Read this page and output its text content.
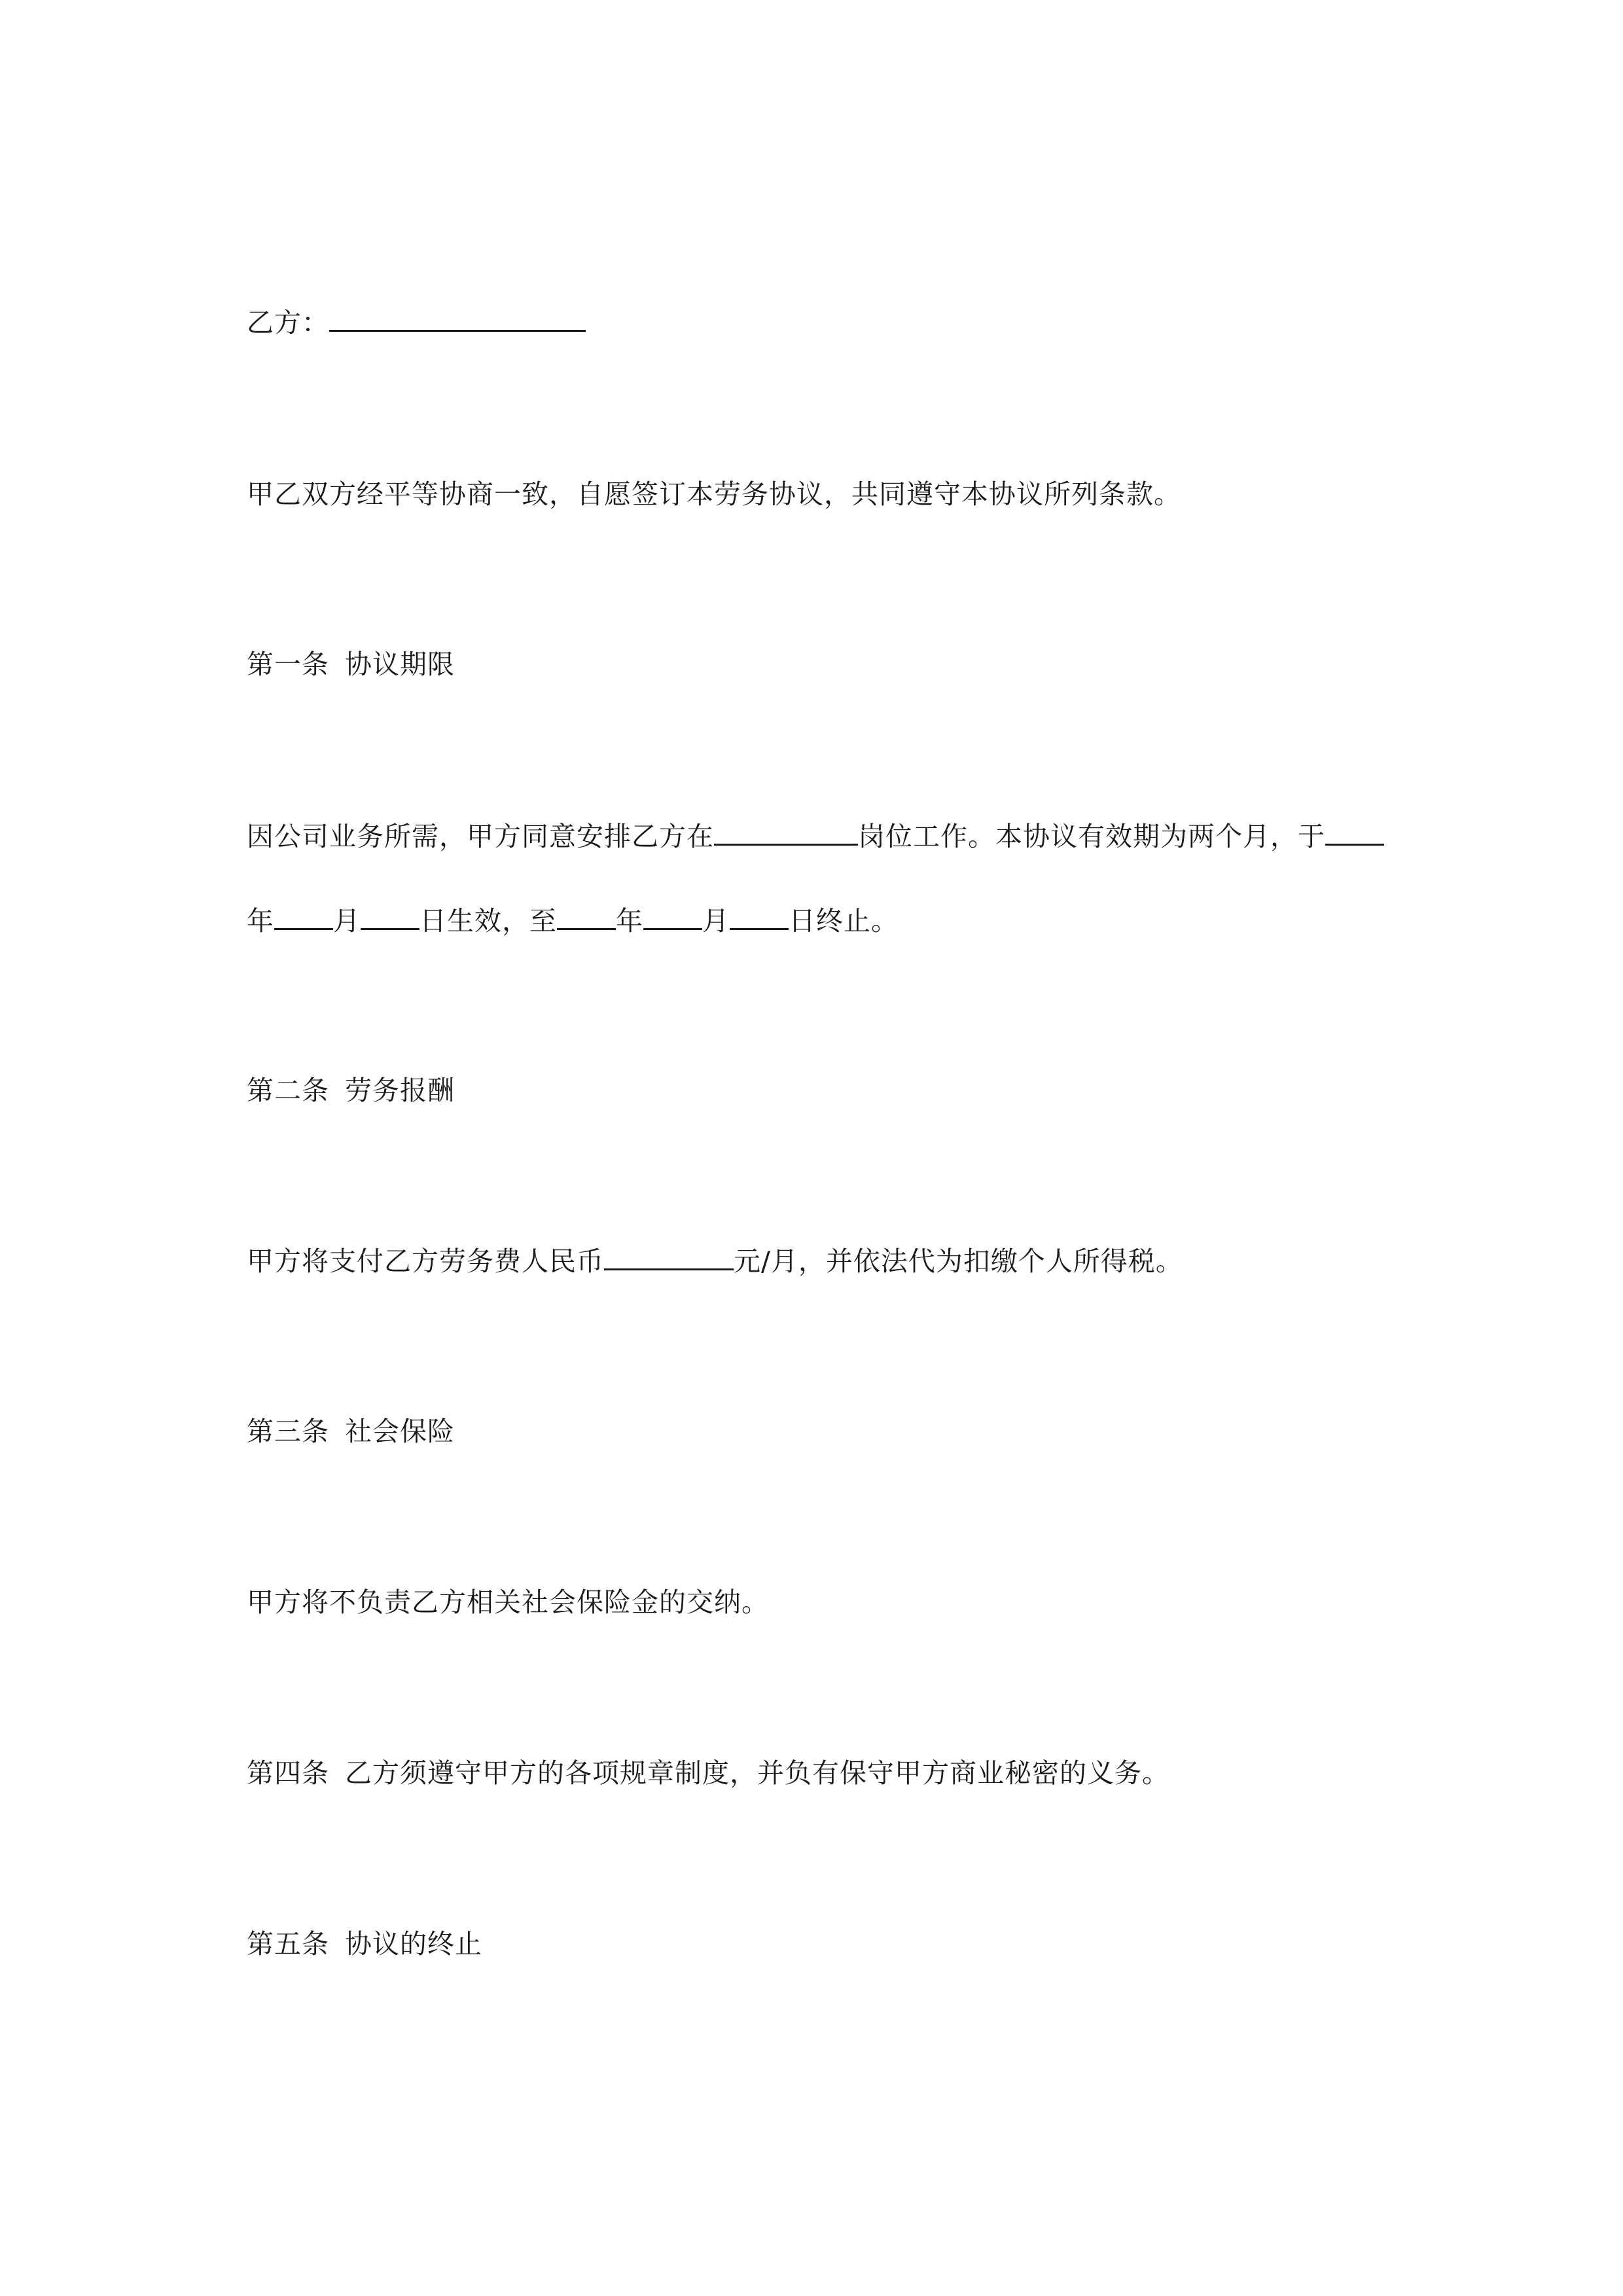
乙方：
甲乙双方经平等协商一致，自愿签订本劳务协议，共同遵守本协议所列条款。
第一条 协议期限
因公司业务所需，甲方同意安排乙方在	岗位工作。本协议有效期为两个月，于
年 月 日生效，至 年 月 日终止。
第二条 劳务报酬
甲方将支付乙方劳务费人民币	元/月，并依法代为扣缴个人所得税。
第三条 社会保险
甲方将不负责乙方相关社会保险金的交纳。
第四条 乙方须遵守甲方的各项规章制度，并负有保守甲方商业秘密的义务。
第五条 协议的终止
